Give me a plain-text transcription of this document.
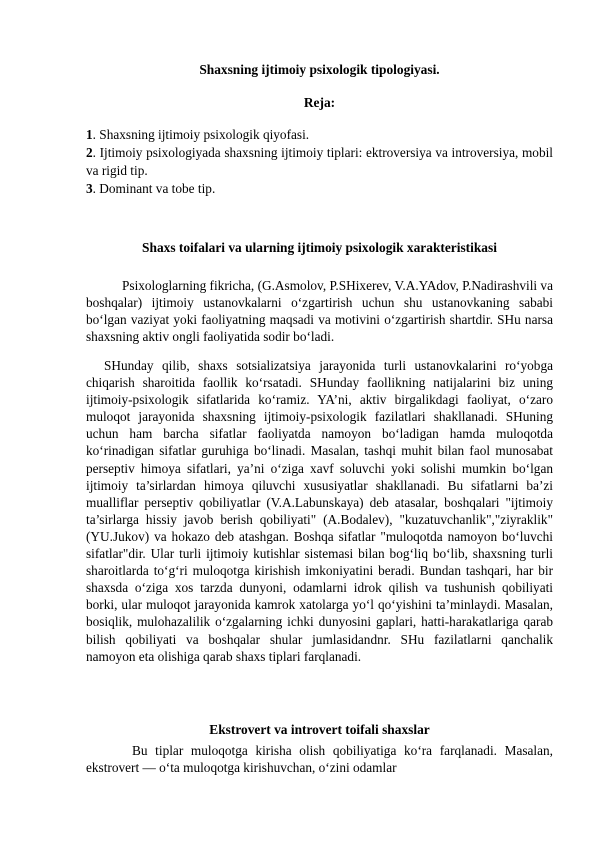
Shaxsning ijtimoiy psixologik tipologiyasi.
Reja:

1. Shaxsning ijtimoiy psixologik qiyofasi.

2. Ijtimoiy psixologiyada shaxsning ijtimoiy tiplari: ektroversiya va introversiya, mobil va rigid tip.

3. Dominant va tobe tip.

Shaxs toifalari va ularning ijtimoiy psixologik xarakteristikasi

Psixologlarning fikricha, (G.Asmolov, P.SHixerev, V.A.YAdov, P.Nadirashvili va boshqalar) ijtimoiy ustanovkalarni o‘zgartirish uchun shu ustanovkaning sababi bo‘lgan vaziyat yoki faoliyatning maqsadi va motivini o‘zgartirish shartdir. SHu narsa shaxsning aktiv ongli faoliyatida sodir bo‘ladi.

SHunday qilib, shaxs sotsializatsiya jarayonida turli ustanovkalarini ro‘yobga chiqarish sharoitida faollik ko‘rsatadi. SHunday faollikning natijalarini biz uning ijtimoiy-psixologik sifatlarida ko‘ramiz. YA’ni, aktiv birgalikdagi faoliyat, o‘zaro muloqot jarayonida shaxsning ijtimoiy-psixologik fazilatlari shakllanadi. SHuning uchun ham barcha sifatlar faoliyatda namoyon bo‘ladigan hamda muloqotda ko‘rinadigan sifatlar guruhiga bo‘linadi. Masalan, tashqi muhit bilan faol munosabat perseptiv himoya sifatlari, ya’ni o‘ziga xavf soluvchi yoki solishi mumkin bo‘lgan ijtimoiy ta’sirlardan himoya qiluvchi xususiyatlar shakllanadi. Bu sifatlarni ba’zi mualliflar perseptiv qobiliyatlar (V.A.Labunskaya) deb atasalar, boshqalari "ijtimoiy ta’sirlarga hissiy javob berish qobiliyati" (A.Bodalev), "kuzatuvchanlik","ziyraklik" (YU.Jukov) va hokazo deb atashgan. Boshqa sifatlar "muloqotda namoyon bo‘luvchi sifatlar"dir. Ular turli ijtimoiy kutishlar sistemasi bilan bog‘liq bo‘lib, shaxsning turli sharoitlarda to‘g‘ri muloqotga kirishish imkoniyatini beradi. Bundan tashqari, har bir shaxsda o‘ziga xos tarzda dunyoni, odamlarni idrok qilish va tushunish qobiliyati borki, ular muloqot jarayonida kamrok xatolarga yo‘l qo‘yishini ta’minlaydi. Masalan, bosiqlik, mulohazalilik o‘zgalarning ichki dunyosini gaplari, hatti-harakatlariga qarab bilish qobiliyati va boshqalar shular jumlasidandnr. SHu fazilatlarni qanchalik namoyon eta olishiga qarab shaxs tiplari farqlanadi.

Ekstrovert va introvert toifali shaxslar

Bu tiplar muloqotga kirisha olish qobiliyatiga ko‘ra farqlanadi. Masalan, ekstrovert — o‘ta muloqotga kirishuvchan, o‘zini odamlar
